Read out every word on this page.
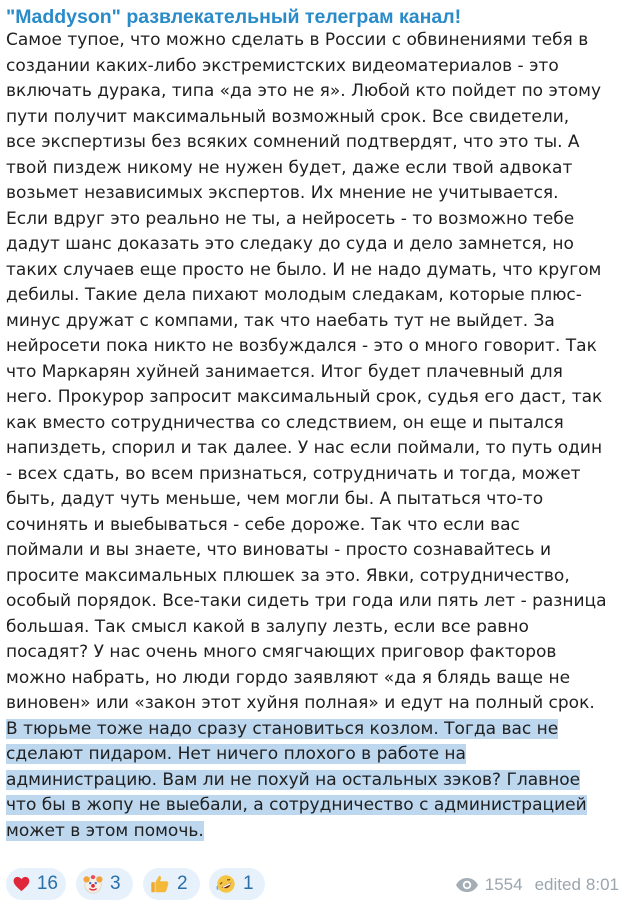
"Maddyson" развлекательный телеграм канал!
Самое тупое, что можно сделать в России с обвинениями тебя в
создании каких-либо экстремистских видеоматериалов - это
включать дурака, типа «да это не я». Любой кто пойдет по этому
пути получит максимальный возможный срок. Все свидетели,
все экспертизы без всяких сомнений подтвердят, что это ты. А
твой пиздеж никому не нужен будет, даже если твой адвокат
возьмет независимых экспертов. Их мнение не учитывается.
Если вдруг это реально не ты, а нейросеть - то возможно тебе
дадут шанс доказать это следаку до суда и дело замнется, но
таких случаев еще просто не было. И не надо думать, что кругом
дебилы. Такие дела пихают молодым следакам, которые плюс-
минус дружат с компами, так что наебать тут не выйдет. За
нейросети пока никто не возбуждался - это о много говорит. Так
что Маркарян хуйней занимается. Итог будет плачевный для
него. Прокурор запросит максимальный срок, судья его даст, так
как вместо сотрудничества со следствием, он еще и пытался
напиздеть, спорил и так далее. У нас если поймали, то путь один
- всех сдать, во всем признаться, сотрудничать и тогда, может
быть, дадут чуть меньше, чем могли бы. А пытаться что-то
сочинять и выебываться - себе дороже. Так что если вас
поймали и вы знаете, что виноваты - просто сознавайтесь и
просите максимальных плюшек за это. Явки, сотрудничество,
особый порядок. Все-таки сидеть три года или пять лет - разница
большая. Так смысл какой в залупу лезть, если все равно
посадят? У нас очень много смягчающих приговор факторов
можно набрать, но люди гордо заявляют «да я блядь ваще не
виновен» или «закон этот хуйня полная» и едут на полный срок.
В тюрьме тоже надо сразу становиться козлом. Тогда вас не
сделают пидаром. Нет ничего плохого в работе на
администрацию. Вам ли не похуй на остальных зэков? Главное
что бы в жопу не выебали, а сотрудничество с администрацией
может в этом помочь.
16	3	2	1	1554 edited 8:01
